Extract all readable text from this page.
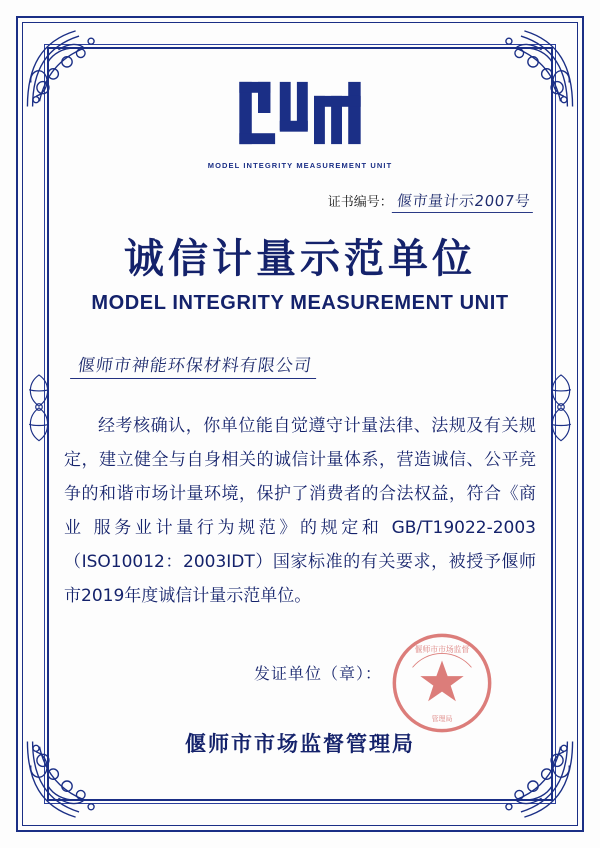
MODEL INTEGRITY MEASUREMENT UNIT
证书编号： 偃市量计示2007号
诚信计量示范单位
MODEL INTEGRITY MEASUREMENT UNIT
偃师市神能环保材料有限公司
经考核确认，你单位能自觉遵守计量法律、法规及有关规定，建立健全与自身相关的诚信计量体系，营造诚信、公平竞争的和谐市场计量环境，保护了消费者的合法权益，符合《商业 服务业计量行为规范》的规定和 GB/T19022-2003（ISO10012：2003IDT）国家标准的有关要求，被授予偃师市2019年度诚信计量示范单位。
发证单位（章）：
偃师市市场监督
管理局
偃师市市场监督管理局
